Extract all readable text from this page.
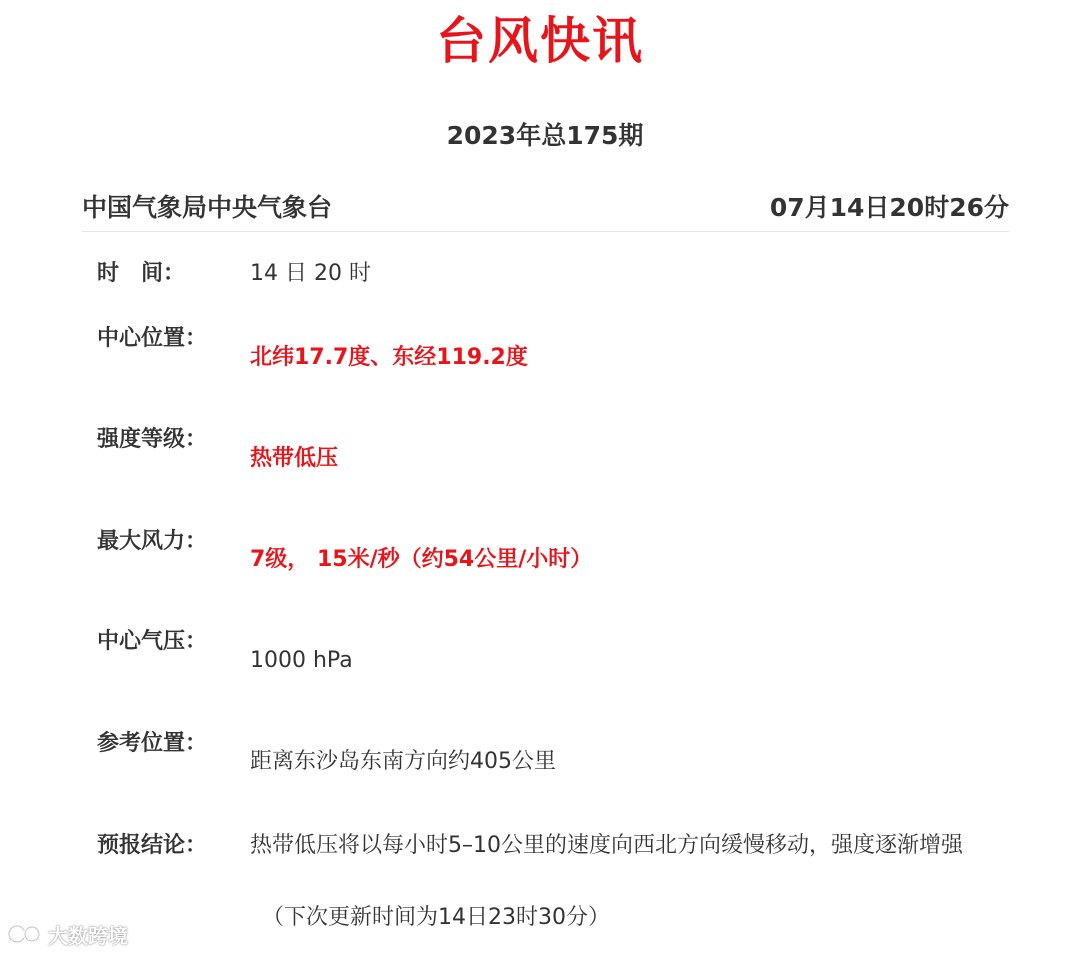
台风快讯
2023年总175期
中国气象局中央气象台	07月14日20时26分
时　间：	14 日 20 时
中心位置：
北纬17.7度、东经119.2度
强度等级：
热带低压
最大风力：
7级， 15米/秒（约54公里/小时）
中心气压：
1000 hPa
参考位置：
距离东沙岛东南方向约405公里
预报结论： 热带低压将以每小时5–10公里的速度向西北方向缓慢移动，强度逐渐增强
（下次更新时间为14日23时30分）
大数跨境
